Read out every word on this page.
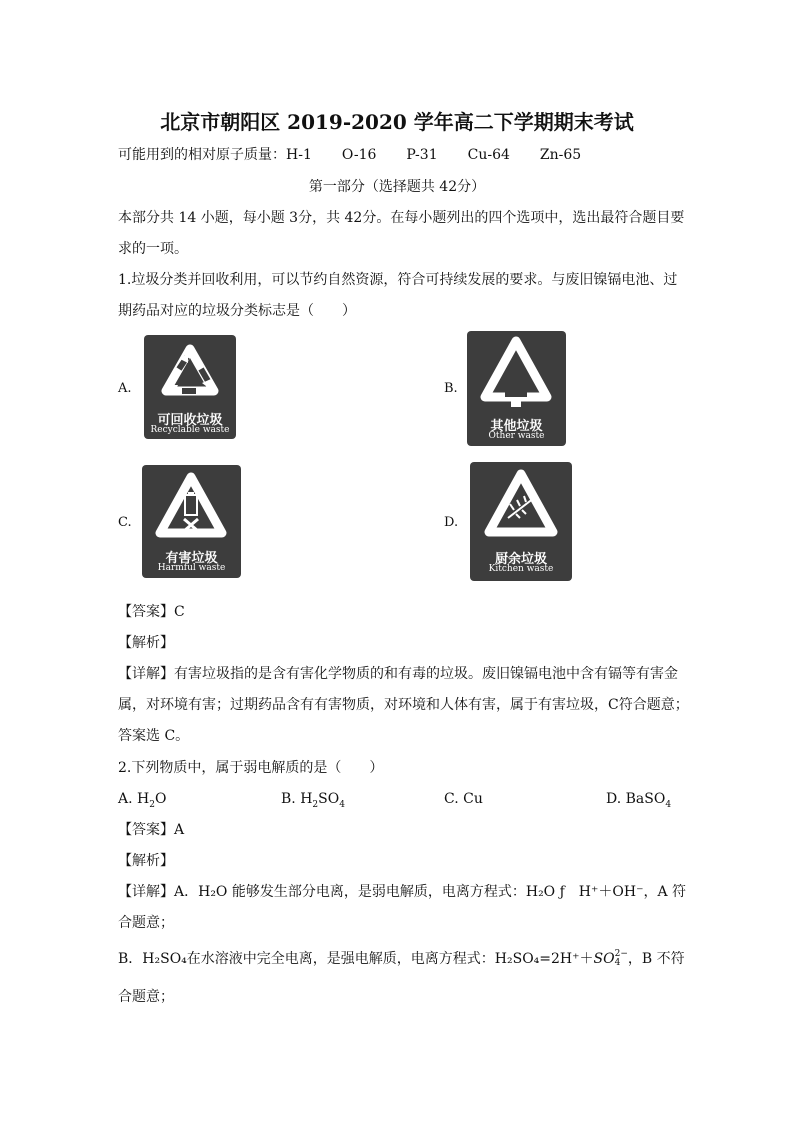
北京市朝阳区 2019-2020 学年高二下学期期末考试
可能用到的相对原子质量：H-1 O-16 P-31 Cu-64 Zn-65
第一部分（选择题共 42分）
本部分共 14 小题，每小题 3分，共 42分。在每小题列出的四个选项中，选出最符合题目要
求的一项。
1.垃圾分类并回收利用，可以节约自然资源，符合可持续发展的要求。与废旧镍镉电池、过
期药品对应的垃圾分类标志是（　　）
A.
可回收垃圾
Recyclable waste
B.
其他垃圾
Other waste
C.
有害垃圾
Harmful waste
D.
厨余垃圾
Kitchen waste
【答案】C
【解析】
【详解】有害垃圾指的是含有害化学物质的和有毒的垃圾。废旧镍镉电池中含有镉等有害金
属，对环境有害；过期药品含有有害物质，对环境和人体有害，属于有害垃圾，C符合题意；
答案选 C。
2.下列物质中，属于弱电解质的是（　　）
A. $H_2O$	B. $H_2SO_4$	C. Cu	D. BaSO$_4$
【答案】A
【解析】
【详解】A．H₂O 能够发生部分电离，是弱电解质，电离方程式：H₂O ƒ　H⁺＋OH⁻，A 符
合题意；
B．H₂SO₄在水溶液中完全电离，是强电解质，电离方程式：H₂SO₄=2H⁺＋SO 2−
4 ，B 不符
合题意；
